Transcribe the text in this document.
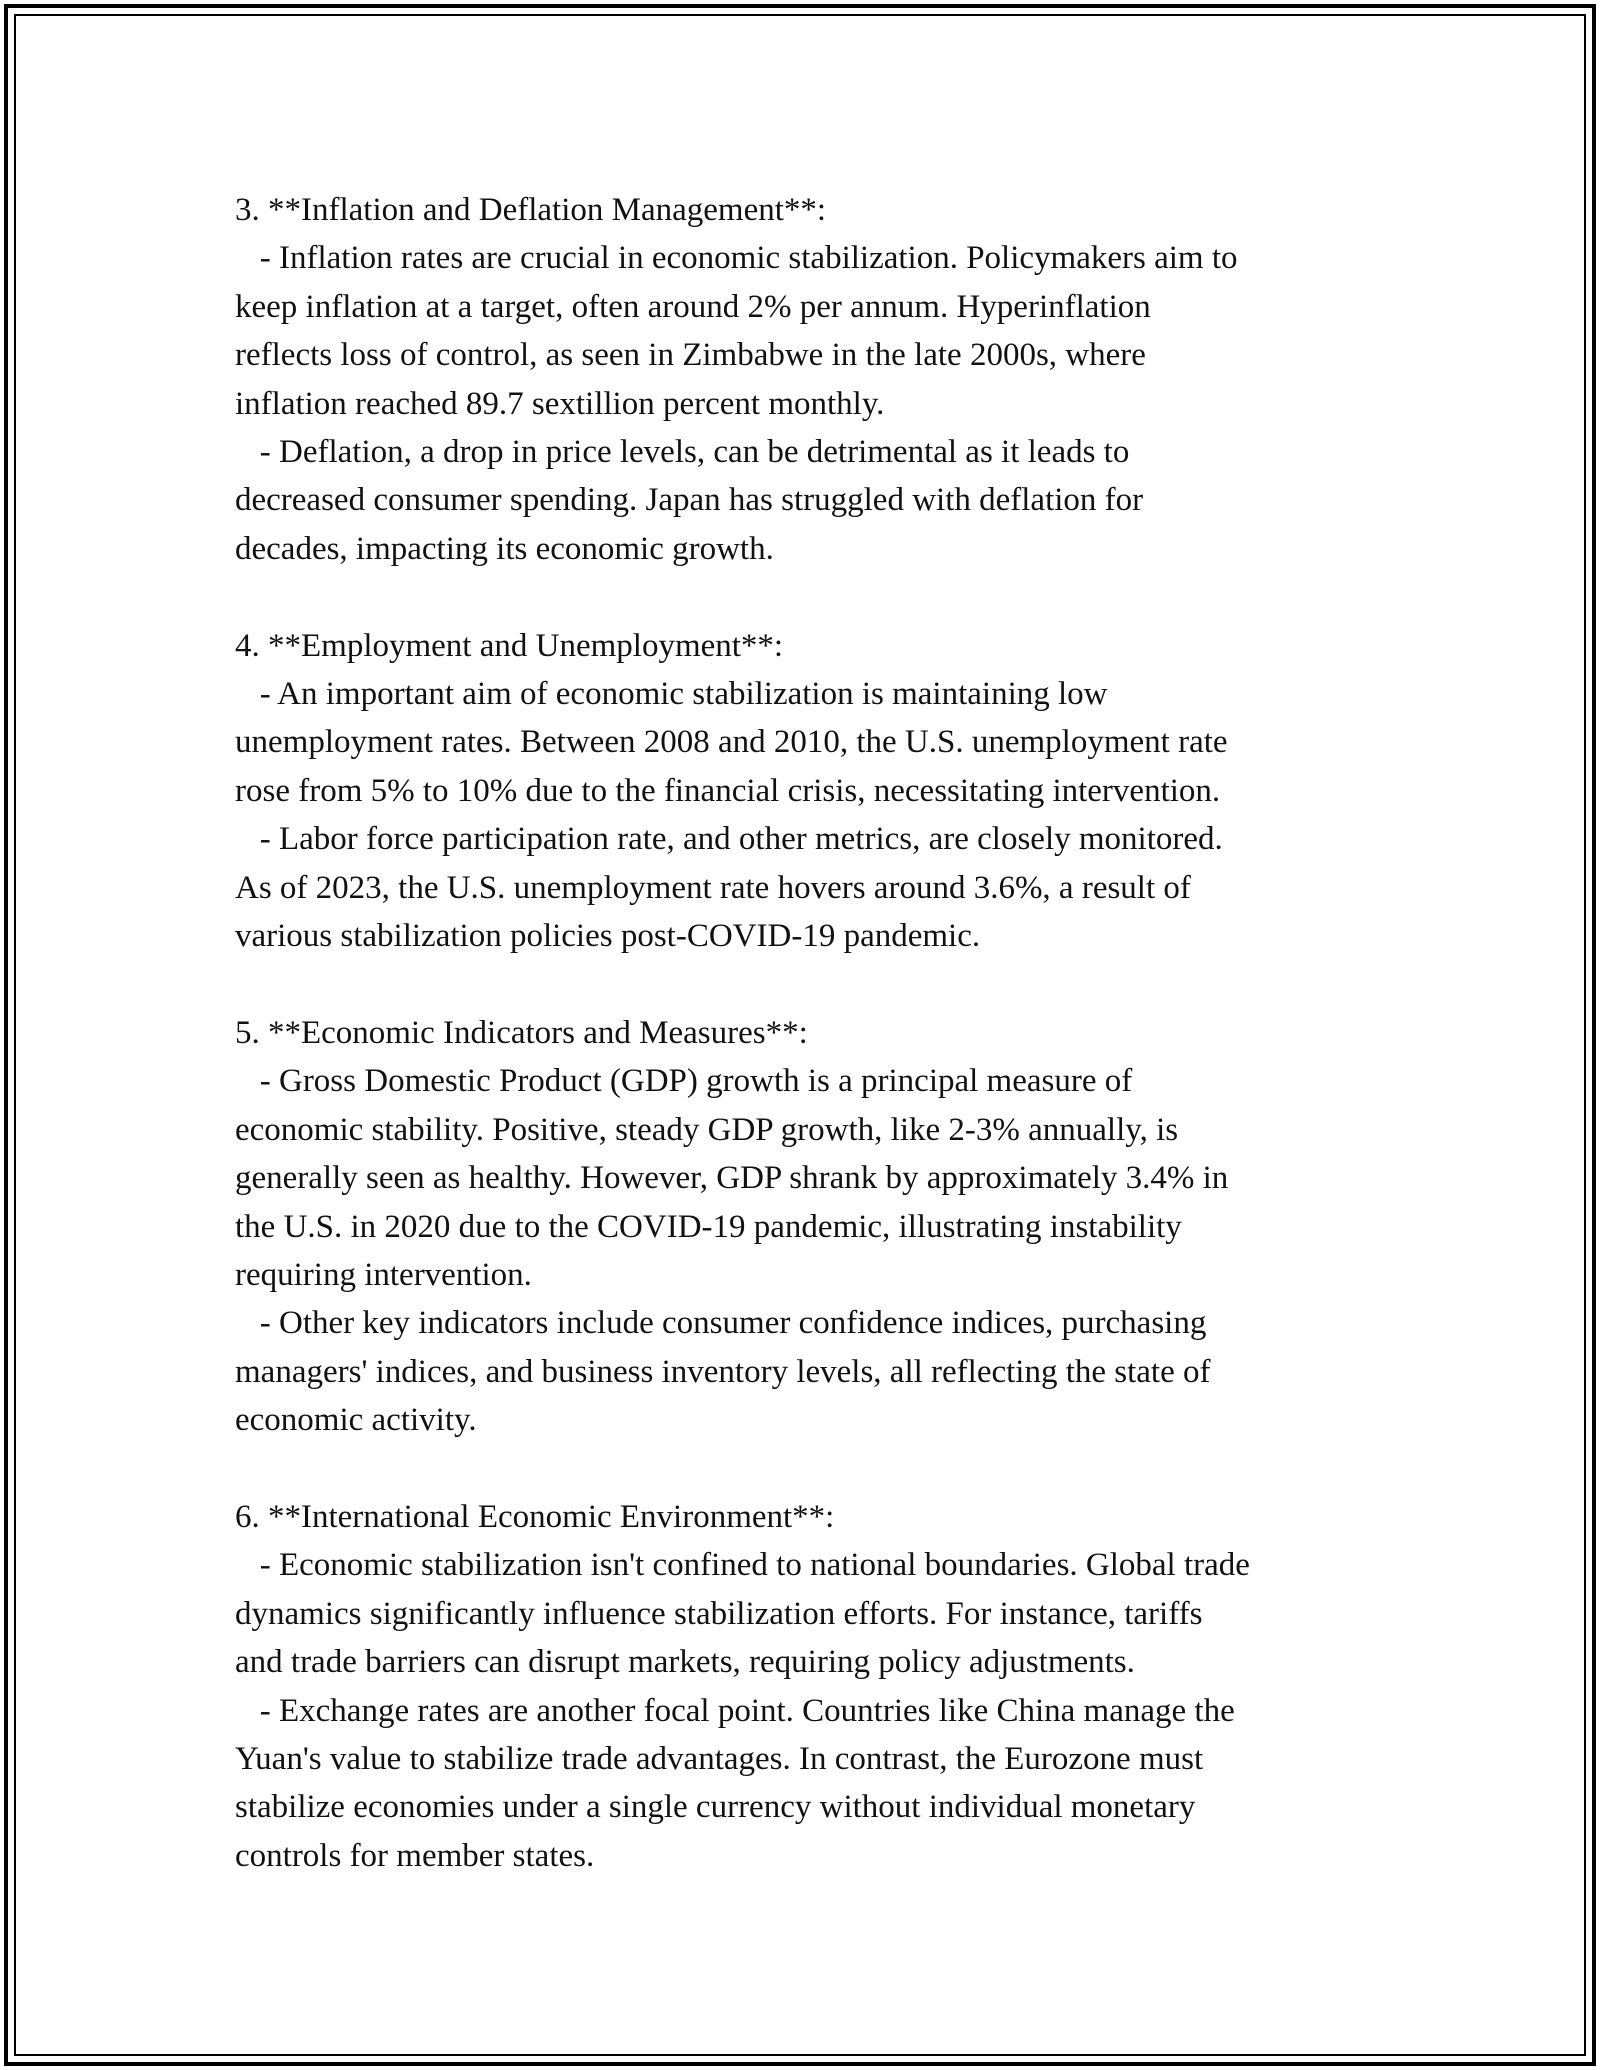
3. **Inflation and Deflation Management**:
- Inflation rates are crucial in economic stabilization. Policymakers aim to
keep inflation at a target, often around 2% per annum. Hyperinflation
reflects loss of control, as seen in Zimbabwe in the late 2000s, where
inflation reached 89.7 sextillion percent monthly.
- Deflation, a drop in price levels, can be detrimental as it leads to
decreased consumer spending. Japan has struggled with deflation for
decades, impacting its economic growth.
4. **Employment and Unemployment**:
- An important aim of economic stabilization is maintaining low
unemployment rates. Between 2008 and 2010, the U.S. unemployment rate
rose from 5% to 10% due to the financial crisis, necessitating intervention.
- Labor force participation rate, and other metrics, are closely monitored.
As of 2023, the U.S. unemployment rate hovers around 3.6%, a result of
various stabilization policies post-COVID-19 pandemic.
5. **Economic Indicators and Measures**:
- Gross Domestic Product (GDP) growth is a principal measure of
economic stability. Positive, steady GDP growth, like 2-3% annually, is
generally seen as healthy. However, GDP shrank by approximately 3.4% in
the U.S. in 2020 due to the COVID-19 pandemic, illustrating instability
requiring intervention.
- Other key indicators include consumer confidence indices, purchasing
managers' indices, and business inventory levels, all reflecting the state of
economic activity.
6. **International Economic Environment**:
- Economic stabilization isn't confined to national boundaries. Global trade
dynamics significantly influence stabilization efforts. For instance, tariffs
and trade barriers can disrupt markets, requiring policy adjustments.
- Exchange rates are another focal point. Countries like China manage the
Yuan's value to stabilize trade advantages. In contrast, the Eurozone must
stabilize economies under a single currency without individual monetary
controls for member states.
